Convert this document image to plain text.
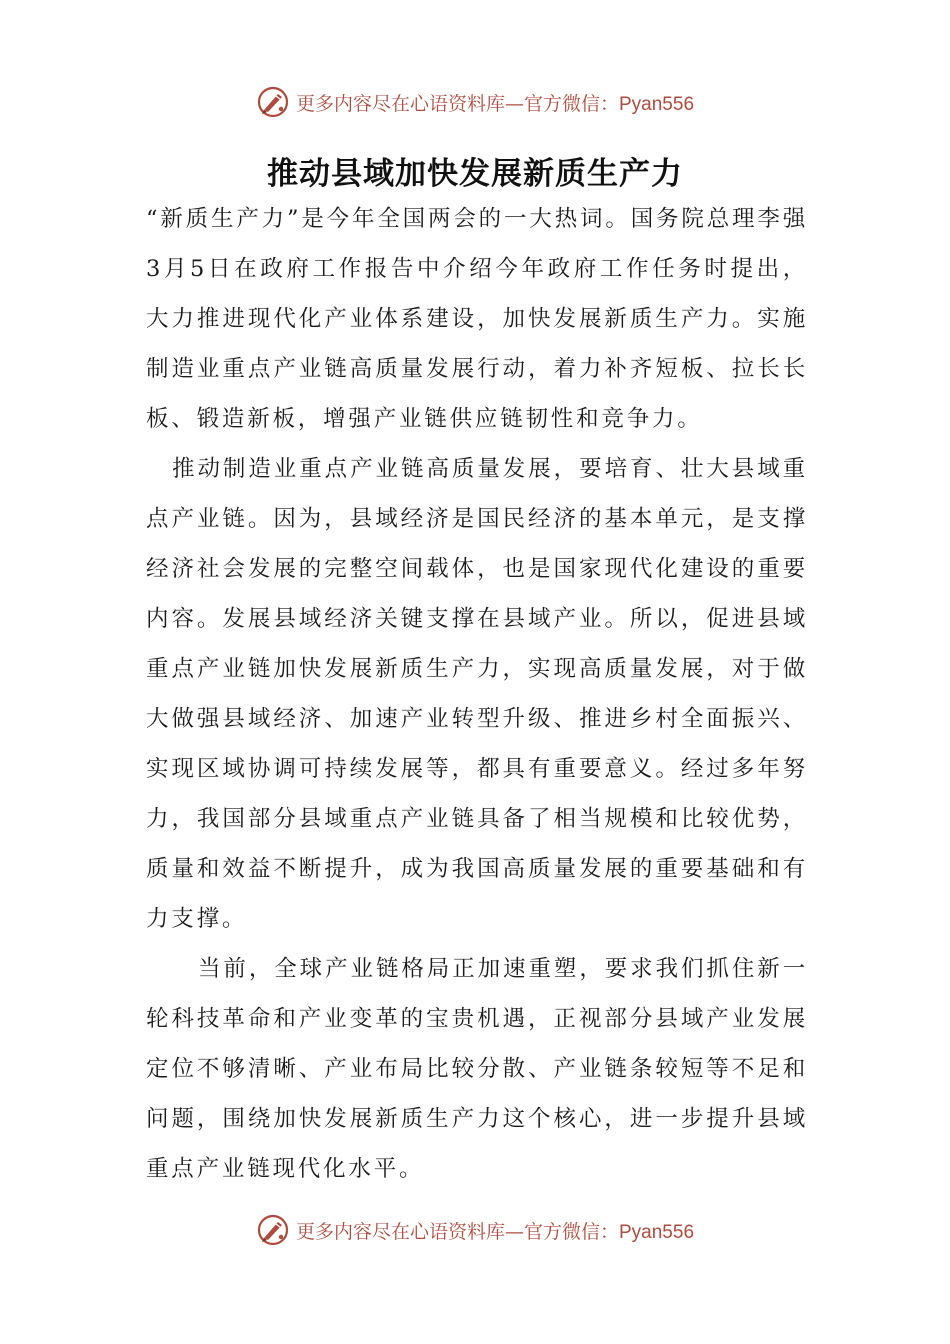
更多内容尽在心语资料库—官方微信：Pyan556
推动县域加快发展新质生产力

“新质生产力”是今年全国两会的一大热词。国务院总理李强3月5日在政府工作报告中介绍今年政府工作任务时提出，大力推进现代化产业体系建设，加快发展新质生产力。实施制造业重点产业链高质量发展行动，着力补齐短板、拉长长板、锻造新板，增强产业链供应链韧性和竞争力。

推动制造业重点产业链高质量发展，要培育、壮大县域重点产业链。因为，县域经济是国民经济的基本单元，是支撑经济社会发展的完整空间载体，也是国家现代化建设的重要内容。发展县域经济关键支撑在县域产业。所以，促进县域重点产业链加快发展新质生产力，实现高质量发展，对于做大做强县域经济、加速产业转型升级、推进乡村全面振兴、实现区域协调可持续发展等，都具有重要意义。经过多年努力，我国部分县域重点产业链具备了相当规模和比较优势，质量和效益不断提升，成为我国高质量发展的重要基础和有力支撑。

当前，全球产业链格局正加速重塑，要求我们抓住新一轮科技革命和产业变革的宝贵机遇，正视部分县域产业发展定位不够清晰、产业布局比较分散、产业链条较短等不足和问题，围绕加快发展新质生产力这个核心，进一步提升县域重点产业链现代化水平。

更多内容尽在心语资料库—官方微信：Pyan556
